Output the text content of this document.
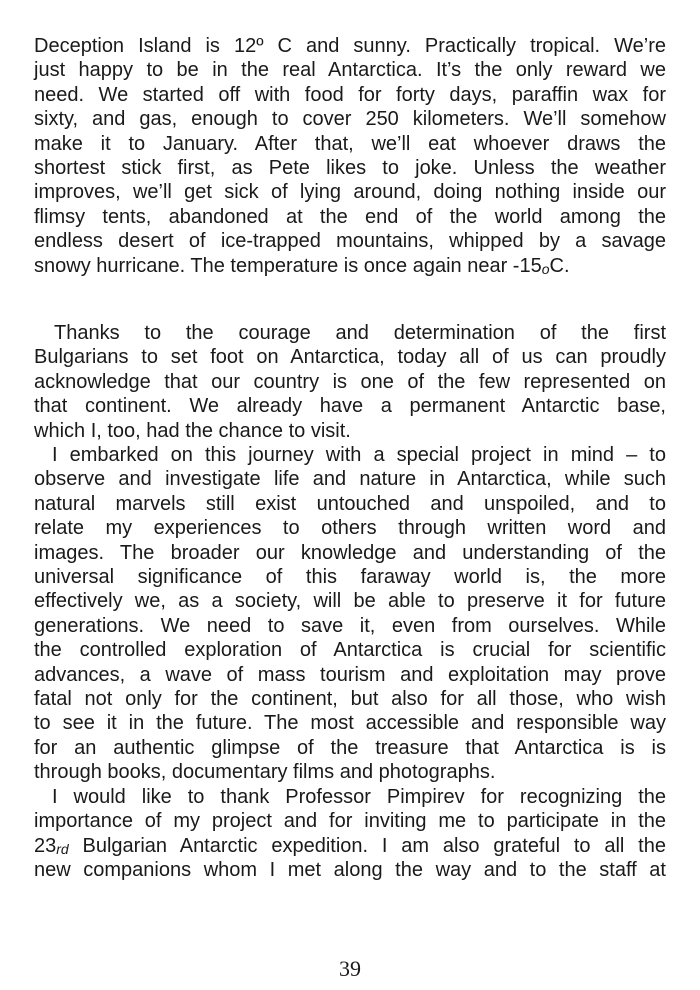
Deception Island is 12º C and sunny. Practically tropical. We’re
just happy to be in the real Antarctica. It’s the only reward we
need. We started off with food for forty days, paraffin wax for
sixty, and gas, enough to cover 250 kilometers. We’ll somehow
make it to January. After that, we’ll eat whoever draws the
shortest stick first, as Pete likes to joke. Unless the weather
improves, we’ll get sick of lying around, doing nothing inside our
flimsy tents, abandoned at the end of the world among the
endless desert of ice-trapped mountains, whipped by a savage
snowy hurricane. The temperature is once again near -15oC.
Thanks to the courage and determination of the first
Bulgarians to set foot on Antarctica, today all of us can proudly
acknowledge that our country is one of the few represented on
that continent. We already have a permanent Antarctic base,
which I, too, had the chance to visit.
I embarked on this journey with a special project in mind – to
observe and investigate life and nature in Antarctica, while such
natural marvels still exist untouched and unspoiled, and to
relate my experiences to others through written word and
images. The broader our knowledge and understanding of the
universal significance of this faraway world is, the more
effectively we, as a society, will be able to preserve it for future
generations. We need to save it, even from ourselves. While
the controlled exploration of Antarctica is crucial for scientific
advances, a wave of mass tourism and exploitation may prove
fatal not only for the continent, but also for all those, who wish
to see it in the future. The most accessible and responsible way
for an authentic glimpse of the treasure that Antarctica is is
through books, documentary films and photographs.
I would like to thank Professor Pimpirev for recognizing the
importance of my project and for inviting me to participate in the
23rd Bulgarian Antarctic expedition. I am also grateful to all the
new companions whom I met along the way and to the staff at
39
